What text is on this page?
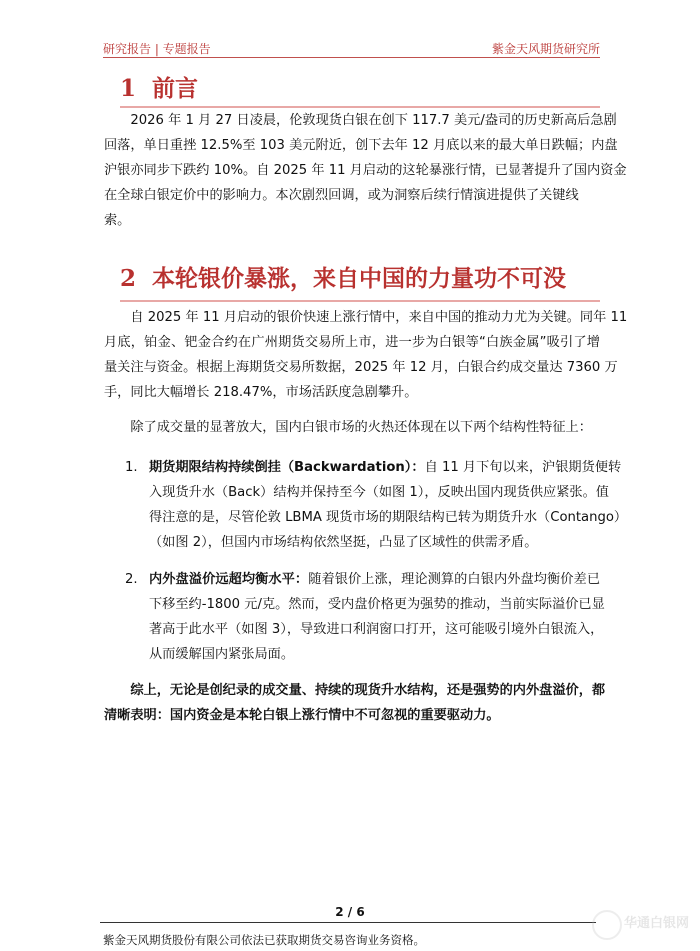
研究报告 | 专题报告	紫金天风期货研究所
1 前言
　　2026 年 1 月 27 日凌晨，伦敦现货白银在创下 117.7 美元/盎司的历史新高后急剧
回落，单日重挫 12.5%至 103 美元附近，创下去年 12 月底以来的最大单日跌幅；内盘
沪银亦同步下跌约 10%。自 2025 年 11 月启动的这轮暴涨行情，已显著提升了国内资金
在全球白银定价中的影响力。本次剧烈回调，或为洞察后续行情演进提供了关键线
索。
2 本轮银价暴涨，来自中国的力量功不可没
　　自 2025 年 11 月启动的银价快速上涨行情中，来自中国的推动力尤为关键。同年 11
月底，铂金、钯金合约在广州期货交易所上市，进一步为白银等“白族金属”吸引了增
量关注与资金。根据上海期货交易所数据，2025 年 12 月，白银合约成交量达 7360 万
手，同比大幅增长 218.47%，市场活跃度急剧攀升。
　　除了成交量的显著放大，国内白银市场的火热还体现在以下两个结构性特征上：
1. 期货期限结构持续倒挂（Backwardation）：自 11 月下旬以来，沪银期货便转
入现货升水（Back）结构并保持至今（如图 1），反映出国内现货供应紧张。值
得注意的是，尽管伦敦 LBMA 现货市场的期限结构已转为期货升水（Contango）
（如图 2），但国内市场结构依然坚挺，凸显了区域性的供需矛盾。
2. 内外盘溢价远超均衡水平：随着银价上涨，理论测算的白银内外盘均衡价差已
下移至约-1800 元/克。然而，受内盘价格更为强势的推动，当前实际溢价已显
著高于此水平（如图 3），导致进口利润窗口打开，这可能吸引境外白银流入，
从而缓解国内紧张局面。
　　综上，无论是创纪录的成交量、持续的现货升水结构，还是强势的内外盘溢价，都
清晰表明：国内资金是本轮白银上涨行情中不可忽视的重要驱动力。
2 / 6
紫金天风期货股份有限公司依法已获取期货交易咨询业务资格。
华通白银网
